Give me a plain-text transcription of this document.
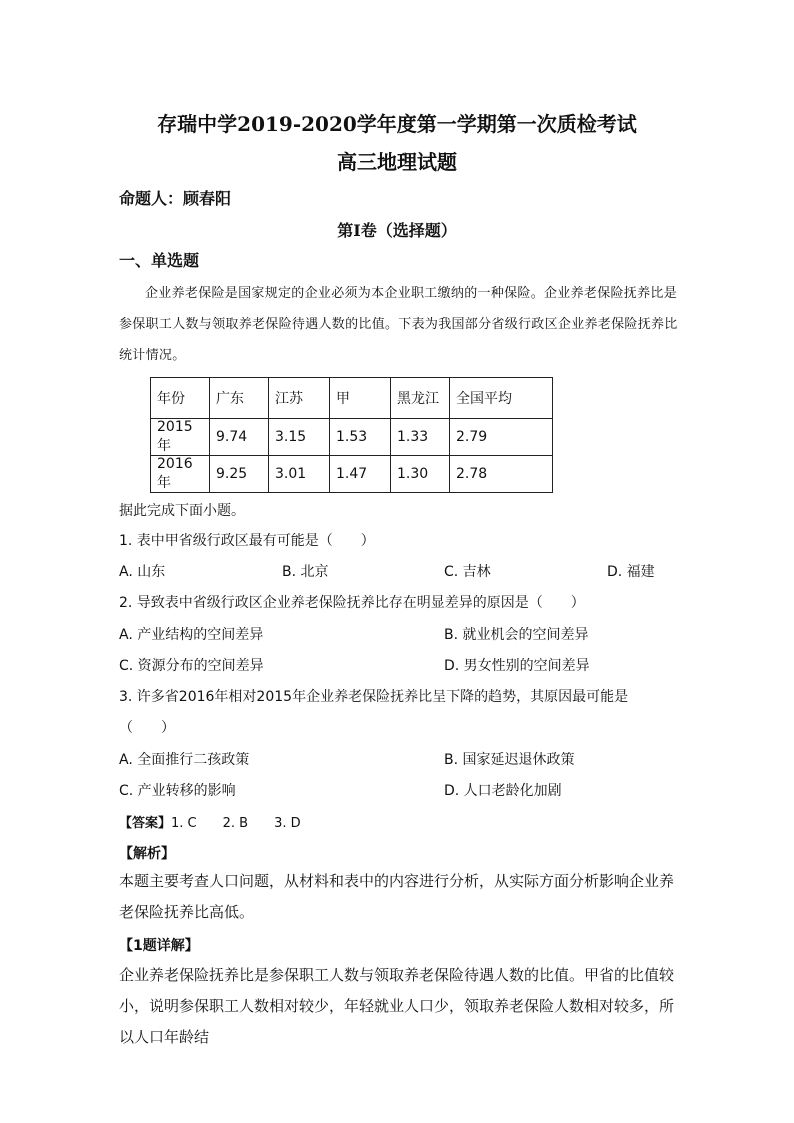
存瑞中学2019-2020学年度第一学期第一次质检考试
高三地理试题
命题人：顾春阳
第I卷（选择题）
一、单选题
企业养老保险是国家规定的企业必须为本企业职工缴纳的一种保险。企业养老保险抚养比是参保职工人数与领取养老保险待遇人数的比值。下表为我国部分省级行政区企业养老保险抚养比统计情况。
年份	广东	江苏	甲	黑龙江	全国平均
2015年	9.74	3.15	1.53	1.33	2.79
2016年	9.25	3.01	1.47	1.30	2.78
据此完成下面小题。
1. 表中甲省级行政区最有可能是（　　）
A. 山东	B. 北京	C. 吉林	D. 福建
2. 导致表中省级行政区企业养老保险抚养比存在明显差异的原因是（　　）
A. 产业结构的空间差异	B. 就业机会的空间差异
C. 资源分布的空间差异	D. 男女性别的空间差异
3. 许多省2016年相对2015年企业养老保险抚养比呈下降的趋势，其原因最可能是
（　　）
A. 全面推行二孩政策	B. 国家延迟退休政策
C. 产业转移的影响	D. 人口老龄化加剧
【答案】1. C 2. B 3. D
【解析】
本题主要考查人口问题，从材料和表中的内容进行分析，从实际方面分析影响企业养老保险抚养比高低。
【1题详解】
企业养老保险抚养比是参保职工人数与领取养老保险待遇人数的比值。甲省的比值较小，说明参保职工人数相对较少，年轻就业人口少，领取养老保险人数相对较多，所以人口年龄结
